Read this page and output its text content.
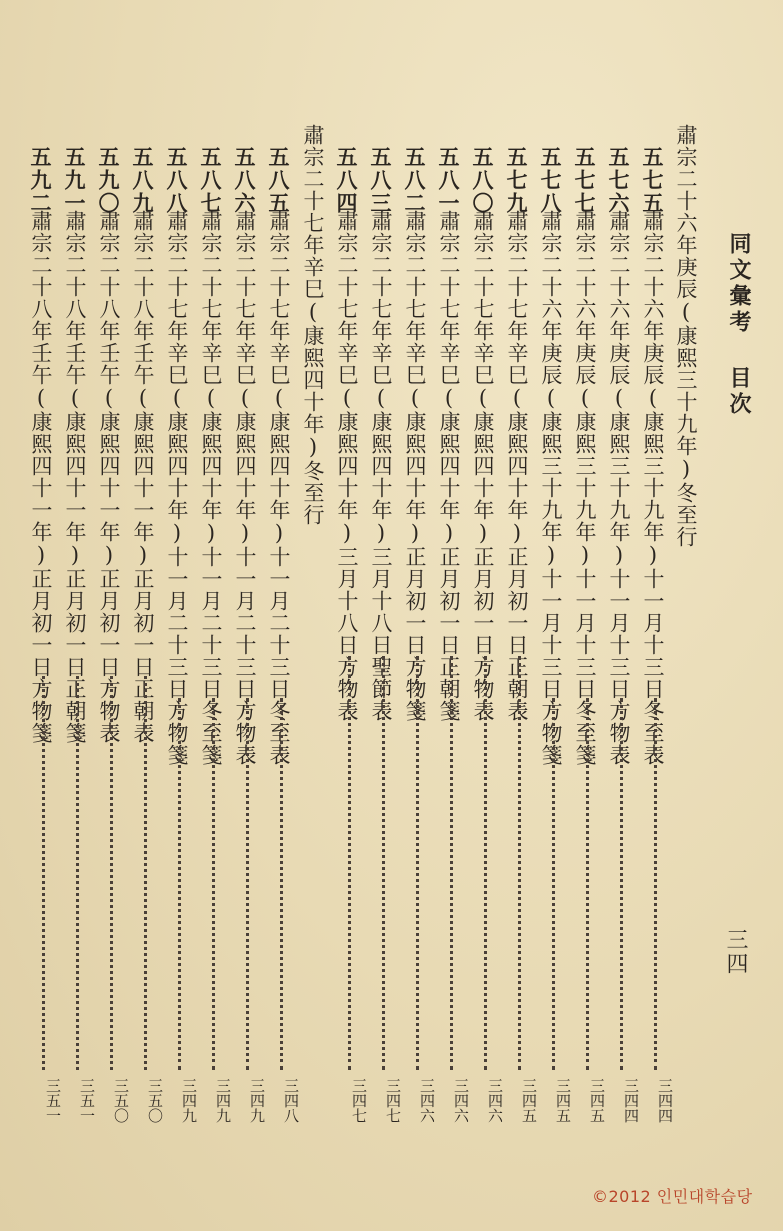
同文彙考 目次
三四
肅宗二十六年庚辰(康熙三十九年)冬至行
五七五
肅宗二十六年庚辰(康熙三十九年)十一月十三日冬至表
三四四
五七六
肅宗二十六年庚辰(康熙三十九年)十一月十三日方物表
三四四
五七七
肅宗二十六年庚辰(康熙三十九年)十一月十三日冬至箋
三四五
五七八
肅宗二十六年庚辰(康熙三十九年)十一月十三日方物箋
三四五
五七九
肅宗二十七年辛巳(康熙四十年)正月初一日正朝表
三四五
五八〇
肅宗二十七年辛巳(康熙四十年)正月初一日方物表
三四六
五八一
肅宗二十七年辛巳(康熙四十年)正月初一日正朝箋
三四六
五八二
肅宗二十七年辛巳(康熙四十年)正月初一日方物箋
三四六
五八三
肅宗二十七年辛巳(康熙四十年)三月十八日聖節表
三四七
五八四
肅宗二十七年辛巳(康熙四十年)三月十八日方物表
三四七
肅宗二十七年辛巳(康熙四十年)冬至行
五八五
肅宗二十七年辛巳(康熙四十年)十一月二十三日冬至表
三四八
五八六
肅宗二十七年辛巳(康熙四十年)十一月二十三日方物表
三四九
五八七
肅宗二十七年辛巳(康熙四十年)十一月二十三日冬至箋
三四九
五八八
肅宗二十七年辛巳(康熙四十年)十一月二十三日方物箋
三四九
五八九
肅宗二十八年壬午(康熙四十一年)正月初一日正朝表
三五〇
五九〇
肅宗二十八年壬午(康熙四十一年)正月初一日方物表
三五〇
五九一
肅宗二十八年壬午(康熙四十一年)正月初一日正朝箋
三五一
五九二
肅宗二十八年壬午(康熙四十一年)正月初一日方物箋
三五一
©2012 인민대학습당
